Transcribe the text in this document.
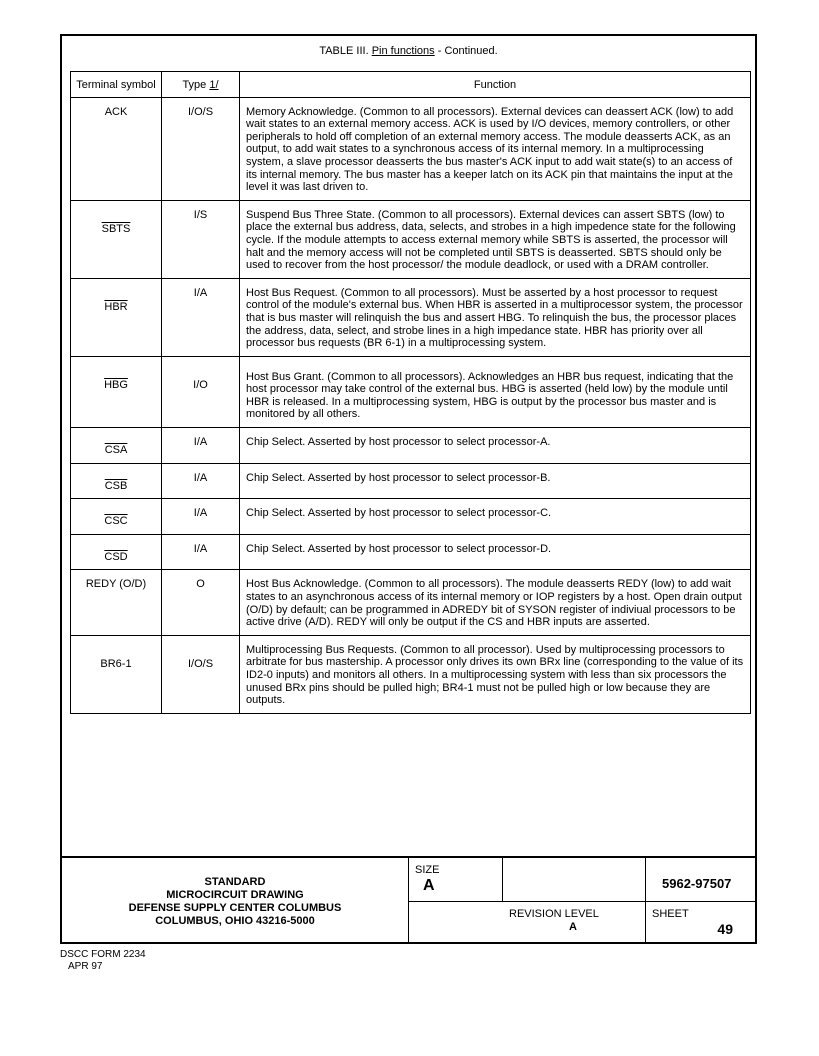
TABLE III. Pin functions - Continued.
Terminal symbol	Type 1/	Function
ACK	I/O/S	Memory Acknowledge. (Common to all processors). External devices can deassert ACK (low) to add wait states to an external memory access. ACK is used by I/O devices, memory controllers, or other peripherals to hold off completion of an external memory access. The module deasserts ACK, as an output, to add wait states to a synchronous access of its internal memory. In a multiprocessing system, a slave processor deasserts the bus master's ACK input to add wait state(s) to an access of its internal memory. The bus master has a keeper latch on its ACK pin that maintains the input at the level it was last driven to.
SBTS	I/S	Suspend Bus Three State. (Common to all processors). External devices can assert SBTS (low) to place the external bus address, data, selects, and strobes in a high impedence state for the following cycle. If the module attempts to access external memory while SBTS is asserted, the processor will halt and the memory access will not be completed until SBTS is deasserted. SBTS should only be used to recover from the host processor/ the module deadlock, or used with a DRAM controller.
$\overline{HBR}$	I/A	Host Bus Request. (Common to all processors). Must be asserted by a host processor to request control of the module's external bus. When HBR is asserted in a multiprocessor system, the processor that is bus master will relinquish the bus and assert HBG. To relinquish the bus, the processor places the address, data, select, and strobe lines in a high impedance state. HBR has priority over all processor bus requests (BR 6-1) in a multiprocessing system.
$\overline{HBG}$	I/O	Host Bus Grant. (Common to all processors). Acknowledges an HBR bus request, indicating that the host processor may take control of the external bus. HBG is asserted (held low) by the module until HBR is released. In a multiprocessing system, HBG is output by the processor bus master and is monitored by all others.
$\overline{CSA}$	I/A	Chip Select. Asserted by host processor to select processor-A.
$\overline{CSB}$	I/A	Chip Select. Asserted by host processor to select processor-B.
$\overline{CSC}$	I/A	Chip Select. Asserted by host processor to select processor-C.
$\overline{CSD}$	I/A	Chip Select. Asserted by host processor to select processor-D.
REDY (O/D)	O	Host Bus Acknowledge. (Common to all processors). The module deasserts REDY (low) to add wait states to an asynchronous access of its internal memory or IOP registers by a host. Open drain output (O/D) by default; can be programmed in ADREDY bit of SYSON register of indiviual processors to be active drive (A/D). REDY will only be output if the CS and HBR inputs are asserted.
BR6-1	I/O/S	Multiprocessing Bus Requests. (Common to all processor). Used by multiprocessing processors to arbitrate for bus mastership. A processor only drives its own BRx line (corresponding to the value of its ID2-0 inputs) and monitors all others. In a multiprocessing system with less than six processors the unused BRx pins should be pulled high; BR4-1 must not be pulled high or low because they are outputs.
STANDARD
MICROCIRCUIT DRAWING
DEFENSE SUPPLY CENTER COLUMBUS
COLUMBUS, OHIO 43216-5000
SIZE
A	5962-97507
REVISION LEVEL
A
SHEET
49
DSCC FORM 2234
APR 97
